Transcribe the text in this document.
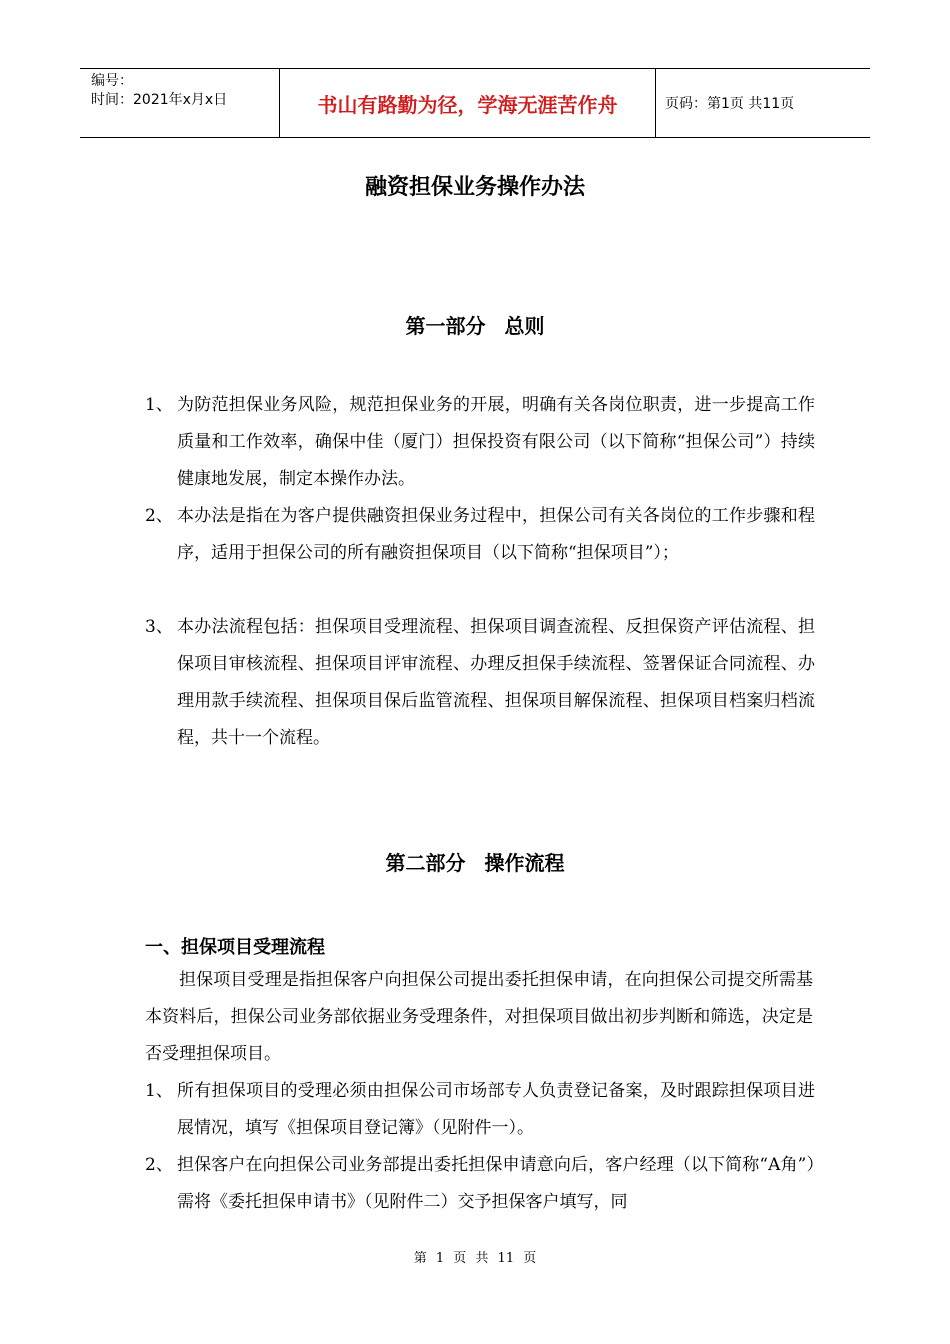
编号：
时间：2021年x月x日	书山有路勤为径，学海无涯苦作舟	页码：第1页 共11页
融资担保业务操作办法
第一部分 总则
1、 为防范担保业务风险，规范担保业务的开展，明确有关各岗位职责，进一步提高工作质量和工作效率，确保中佳（厦门）担保投资有限公司（以下简称“担保公司”）持续健康地发展，制定本操作办法。
2、 本办法是指在为客户提供融资担保业务过程中，担保公司有关各岗位的工作步骤和程序，适用于担保公司的所有融资担保项目（以下简称“担保项目”）；
3、 本办法流程包括：担保项目受理流程、担保项目调查流程、反担保资产评估流程、担保项目审核流程、担保项目评审流程、办理反担保手续流程、签署保证合同流程、办理用款手续流程、担保项目保后监管流程、担保项目解保流程、担保项目档案归档流程，共十一个流程。
第二部分 操作流程
一、担保项目受理流程
担保项目受理是指担保客户向担保公司提出委托担保申请，在向担保公司提交所需基本资料后，担保公司业务部依据业务受理条件，对担保项目做出初步判断和筛选，决定是否受理担保项目。
1、 所有担保项目的受理必须由担保公司市场部专人负责登记备案，及时跟踪担保项目进展情况，填写《担保项目登记簿》（见附件一）。
2、 担保客户在向担保公司业务部提出委托担保申请意向后，客户经理（以下简称“A角”）需将《委托担保申请书》（见附件二）交予担保客户填写，同
第 1 页 共 11 页
